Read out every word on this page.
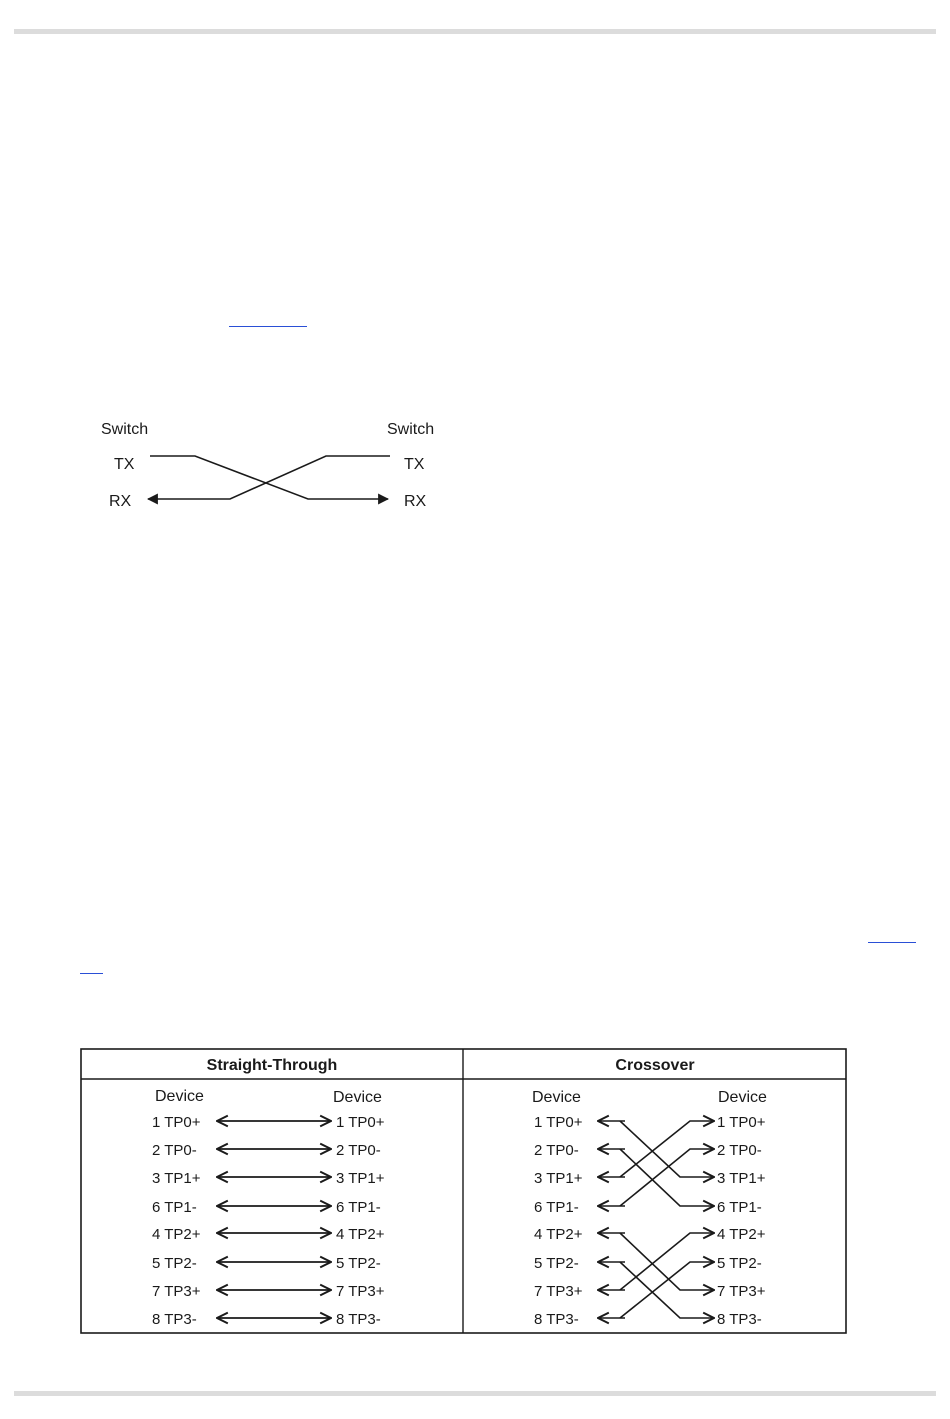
Switch	Switch
TX
RX
TX
RX
Straight-Through	Crossover
Device	Device	Device	Device
1 TP0+	1 TP0+
2 TP0-	2 TP0-
3 TP1+	3 TP1+
6 TP1-	6 TP1-
4 TP2+	4 TP2+
5 TP2-	5 TP2-
7 TP3+	7 TP3+
8 TP3-	8 TP3-
1 TP0+	1 TP0+
2 TP0-	2 TP0-
3 TP1+	3 TP1+
6 TP1-	6 TP1-
4 TP2+	4 TP2+
5 TP2-	5 TP2-
7 TP3+	7 TP3+
8 TP3-	8 TP3-
